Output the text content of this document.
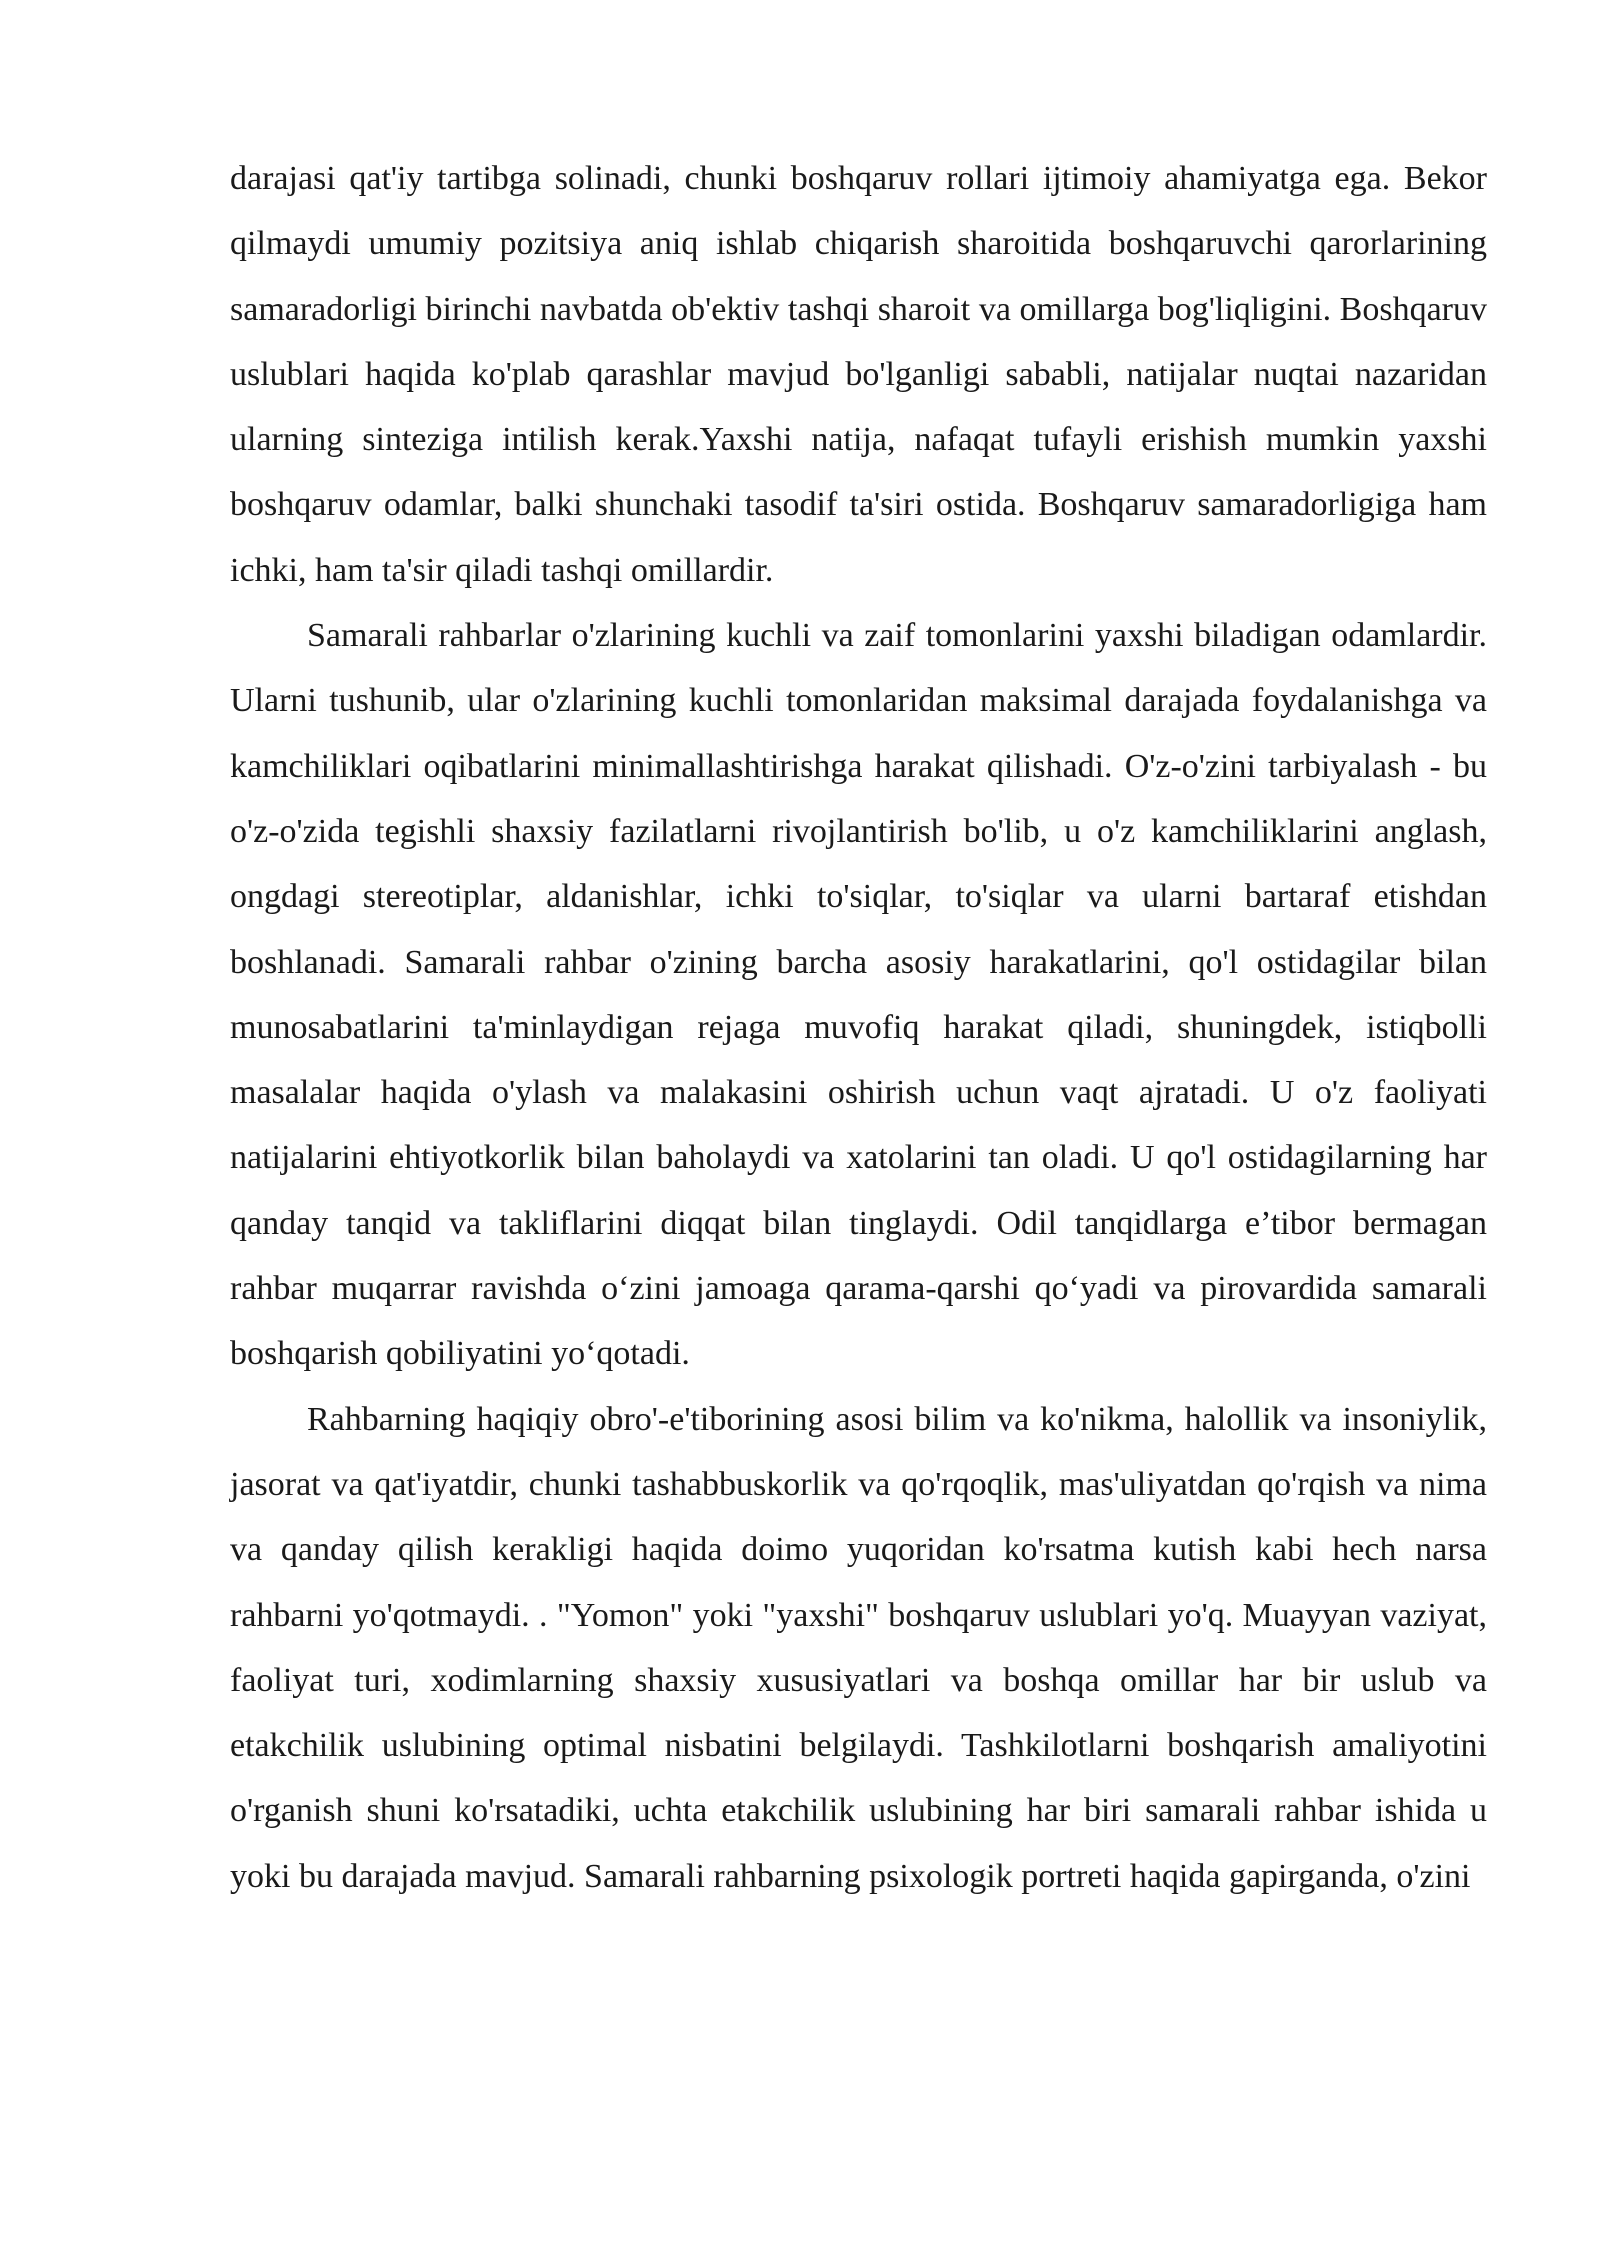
darajasi qat'iy tartibga solinadi, chunki boshqaruv rollari ijtimoiy ahamiyatga ega. Bekor qilmaydi umumiy pozitsiya aniq ishlab chiqarish sharoitida boshqaruvchi qarorlarining samaradorligi birinchi navbatda ob'ektiv tashqi sharoit va omillarga bog'liqligini. Boshqaruv uslublari haqida ko'plab qarashlar mavjud bo'lganligi sababli, natijalar nuqtai nazaridan ularning sinteziga intilish kerak.Yaxshi natija, nafaqat tufayli erishish mumkin yaxshi boshqaruv odamlar, balki shunchaki tasodif ta'siri ostida. Boshqaruv samaradorligiga ham ichki, ham ta'sir qiladi tashqi omillardir.

Samarali rahbarlar o'zlarining kuchli va zaif tomonlarini yaxshi biladigan odamlardir. Ularni tushunib, ular o'zlarining kuchli tomonlaridan maksimal darajada foydalanishga va kamchiliklari oqibatlarini minimallashtirishga harakat qilishadi. O'z-o'zini tarbiyalash - bu o'z-o'zida tegishli shaxsiy fazilatlarni rivojlantirish bo'lib, u o'z kamchiliklarini anglash, ongdagi stereotiplar, aldanishlar, ichki to'siqlar, to'siqlar va ularni bartaraf etishdan boshlanadi. Samarali rahbar o'zining barcha asosiy harakatlarini, qo'l ostidagilar bilan munosabatlarini ta'minlaydigan rejaga muvofiq harakat qiladi, shuningdek, istiqbolli masalalar haqida o'ylash va malakasini oshirish uchun vaqt ajratadi. U o'z faoliyati natijalarini ehtiyotkorlik bilan baholaydi va xatolarini tan oladi. U qo'l ostidagilarning har qanday tanqid va takliflarini diqqat bilan tinglaydi. Odil tanqidlarga e’tibor bermagan rahbar muqarrar ravishda o‘zini jamoaga qarama-qarshi qo‘yadi va pirovardida samarali boshqarish qobiliyatini yo‘qotadi.

Rahbarning haqiqiy obro'-e'tiborining asosi bilim va ko'nikma, halollik va insoniylik, jasorat va qat'iyatdir, chunki tashabbuskorlik va qo'rqoqlik, mas'uliyatdan qo'rqish va nima va qanday qilish kerakligi haqida doimo yuqoridan ko'rsatma kutish kabi hech narsa rahbarni yo'qotmaydi. . "Yomon" yoki "yaxshi" boshqaruv uslublari yo'q. Muayyan vaziyat, faoliyat turi, xodimlarning shaxsiy xususiyatlari va boshqa omillar har bir uslub va etakchilik uslubining optimal nisbatini belgilaydi. Tashkilotlarni boshqarish amaliyotini o'rganish shuni ko'rsatadiki, uchta etakchilik uslubining har biri samarali rahbar ishida u yoki bu darajada mavjud. Samarali rahbarning psixologik portreti haqida gapirganda, o'zini
